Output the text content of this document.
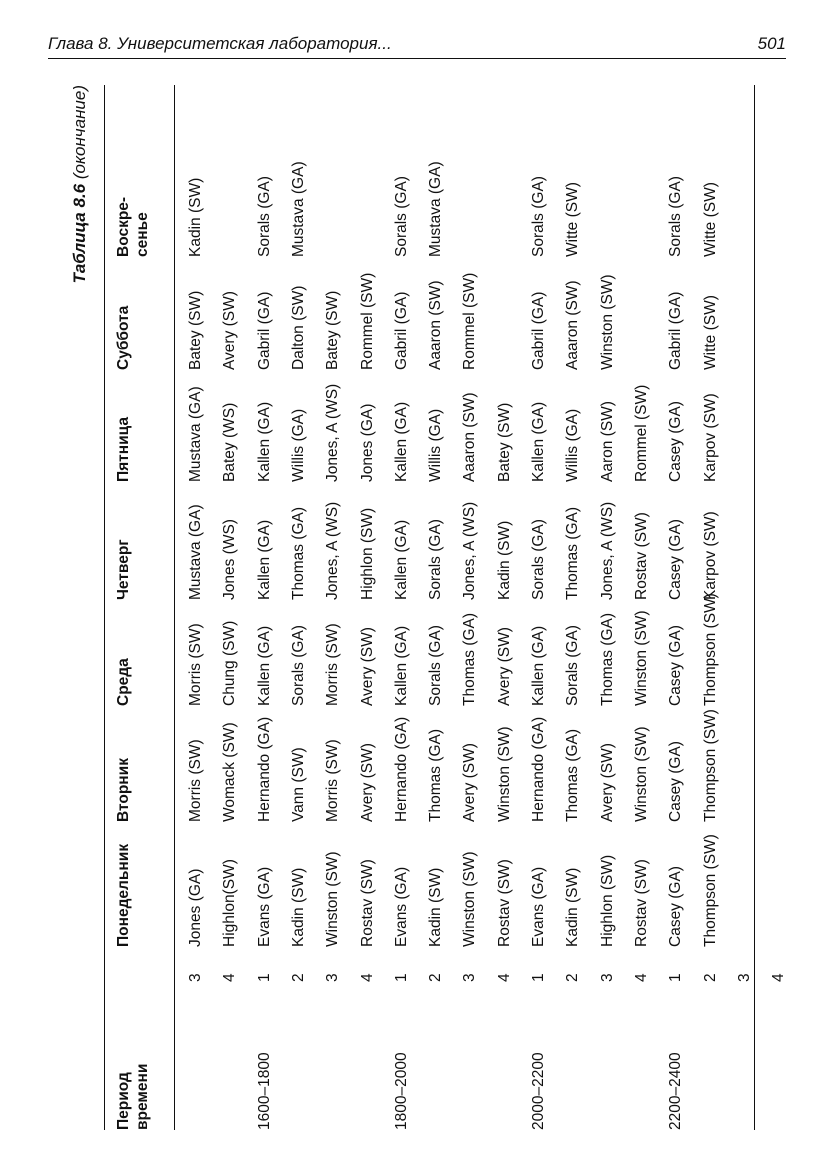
Глава 8. Университетская лаборатория...	501
Таблица 8.6 (окончание)
Период
времени
Понедельник
Вторник
Среда
Четверг
Пятница
Суббота
Воскре-
сенье
3
Jones (GA)
Morris (SW)
Morris (SW)
Mustava (GA)
Mustava (GA)
Batey (SW)
Kadin (SW)
4
Highlon(SW)
Womack (SW)
Chung (SW)
Jones (WS)
Batey (WS)
Avery (SW)
1600–1800
1
Evans (GA)
Hernando (GA)
Kallen (GA)
Kallen (GA)
Kallen (GA)
Gabril (GA)
Sorals (GA)
2
Kadin (SW)
Vann (SW)
Sorals (GA)
Thomas (GA)
Willis (GA)
Dalton (SW)
Mustava (GA)
3
Winston (SW)
Morris (SW)
Morris (SW)
Jones, A (WS)
Jones, A (WS)
Batey (SW)
4
Rostav (SW)
Avery (SW)
Avery (SW)
Highlon (SW)
Jones (GA)
Rommel (SW)
1800–2000
1
Evans (GA)
Hernando (GA)
Kallen (GA)
Kallen (GA)
Kallen (GA)
Gabril (GA)
Sorals (GA)
2
Kadin (SW)
Thomas (GA)
Sorals (GA)
Sorals (GA)
Willis (GA)
Aaaron (SW)
Mustava (GA)
3
Winston (SW)
Avery (SW)
Thomas (GA)
Jones, A (WS)
Aaaron (SW)
Rommel (SW)
4
Rostav (SW)
Winston (SW)
Avery (SW)
Kadin (SW)
Batey (SW)
2000–2200
1
Evans (GA)
Hernando (GA)
Kallen (GA)
Sorals (GA)
Kallen (GA)
Gabril (GA)
Sorals (GA)
2
Kadin (SW)
Thomas (GA)
Sorals (GA)
Thomas (GA)
Willis (GA)
Aaaron (SW)
Witte (SW)
3
Highlon (SW)
Avery (SW)
Thomas (GA)
Jones, A (WS)
Aaron (SW)
Winston (SW)
4
Rostav (SW)
Winston (SW)
Winston (SW)
Rostav (SW)
Rommel (SW)
2200–2400
1
Casey (GA)
Casey (GA)
Casey (GA)
Casey (GA)
Casey (GA)
Gabril (GA)
Sorals (GA)
2
Thompson (SW)
Thompson (SW)
Thompson (SW)
Karpov (SW)
Karpov (SW)
Witte (SW)
Witte (SW)
3 4
